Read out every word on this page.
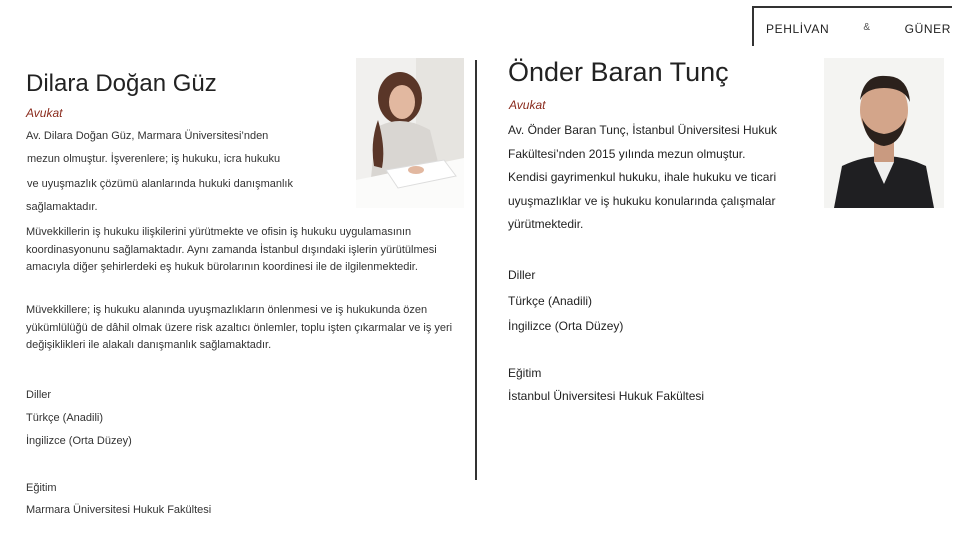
PEHLİVAN	&	GÜNER
Dilara Doğan Güz
Avukat
Av. Dilara Doğan Güz, Marmara Üniversitesi’nden
mezun olmuştur. İşverenlere; iş hukuku, icra hukuku
ve uyuşmazlık çözümü alanlarında hukuki danışmanlık
sağlamaktadır.
Müvekkillerin iş hukuku ilişkilerini yürütmekte ve ofisin iş hukuku uygulamasının koordinasyonunu sağlamaktadır. Aynı zamanda İstanbul dışındaki işlerin yürütülmesi amacıyla diğer şehirlerdeki eş hukuk bürolarının koordinesi ile de ilgilenmektedir.
Müvekkillere; iş hukuku alanında uyuşmazlıkların önlenmesi ve iş hukukunda özen yükümlülüğü de dâhil olmak üzere risk azaltıcı önlemler, toplu işten çıkarmalar ve iş yeri değişiklikleri ile alakalı danışmanlık sağlamaktadır.
Diller
Türkçe (Anadili)
İngilizce (Orta Düzey)
Eğitim
Marmara Üniversitesi Hukuk Fakültesi
Önder Baran Tunç
Avukat
Av. Önder Baran Tunç, İstanbul Üniversitesi Hukuk
Fakültesi’nden 2015 yılında mezun olmuştur.
Kendisi gayrimenkul hukuku, ihale hukuku ve ticari
uyuşmazlıklar ve iş hukuku konularında çalışmalar
yürütmektedir.
Diller
Türkçe (Anadili)
İngilizce (Orta Düzey)
Eğitim
İstanbul Üniversitesi Hukuk Fakültesi
